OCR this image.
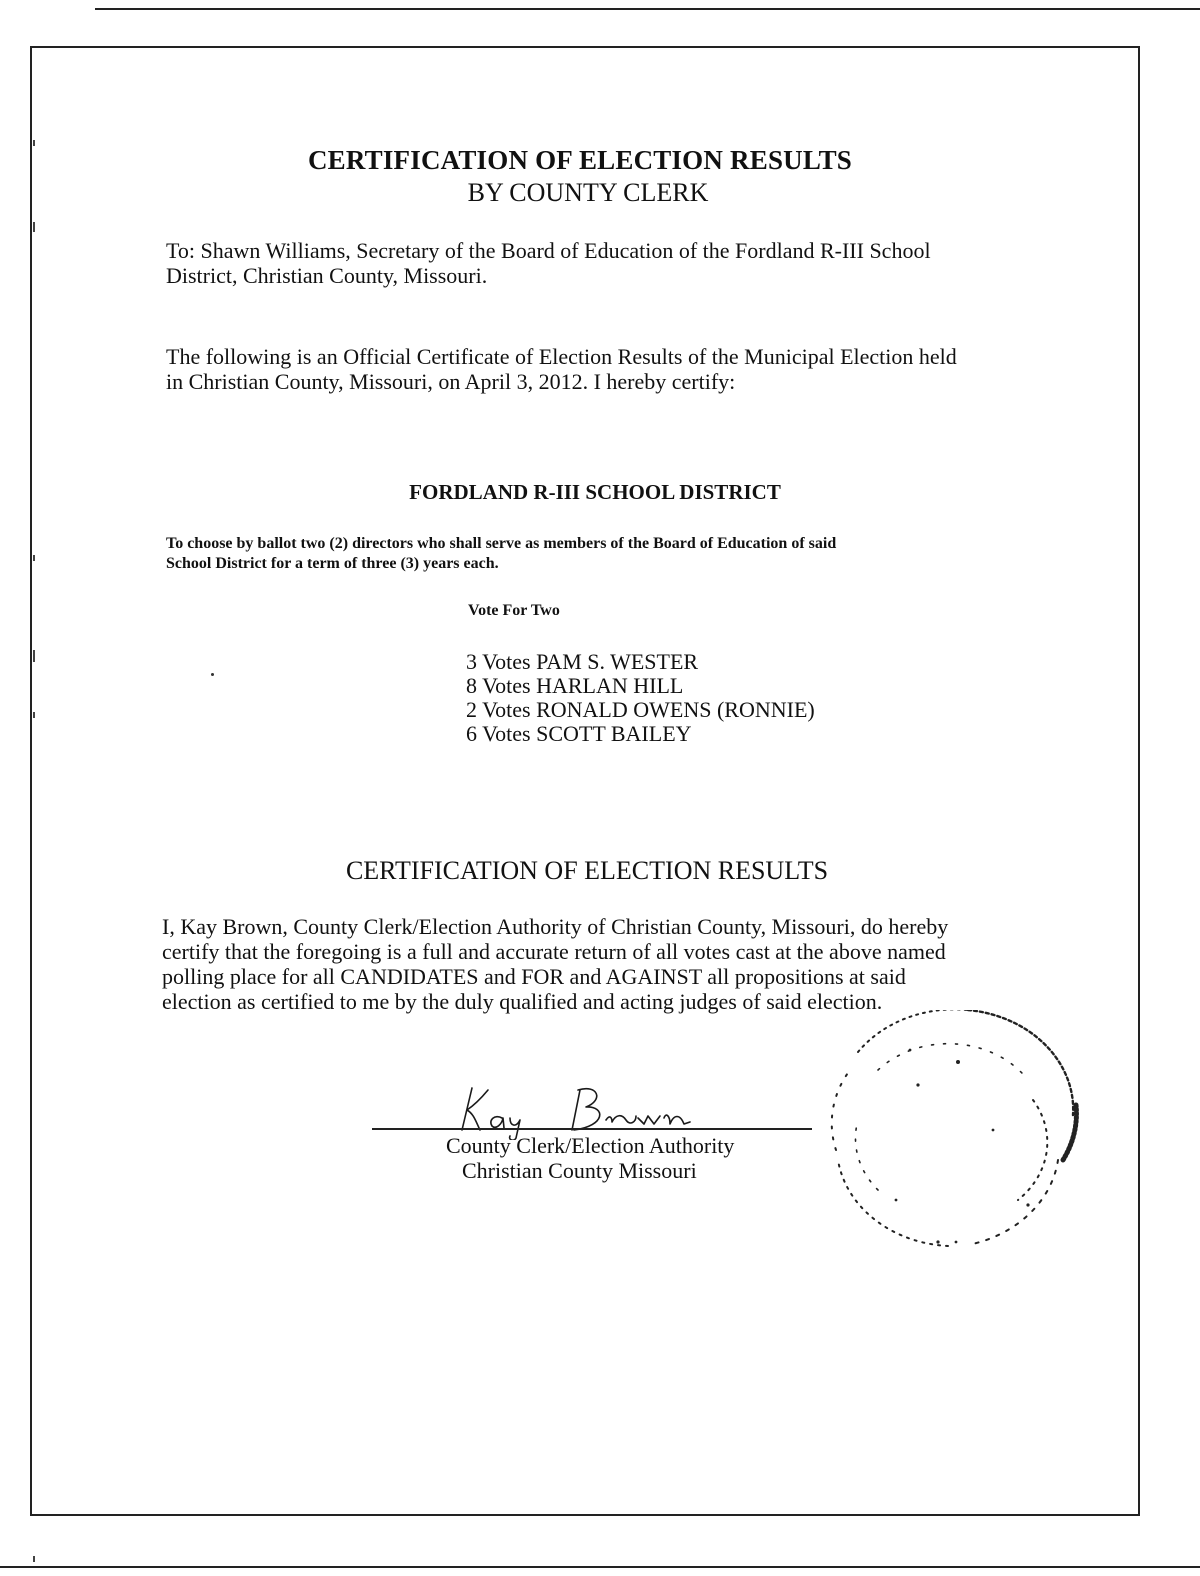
CERTIFICATION OF ELECTION RESULTS
BY COUNTY CLERK
To: Shawn Williams, Secretary of the Board of Education of the Fordland R-III School
District, Christian County, Missouri.
The following is an Official Certificate of Election Results of the Municipal Election held
in Christian County, Missouri, on April 3, 2012. I hereby certify:
FORDLAND R-III SCHOOL DISTRICT
To choose by ballot two (2) directors who shall serve as members of the Board of Education of said
School District for a term of three (3) years each.
Vote For Two
3 Votes PAM S. WESTER
8 Votes HARLAN HILL
2 Votes RONALD OWENS (RONNIE)
6 Votes SCOTT BAILEY
CERTIFICATION OF ELECTION RESULTS
I, Kay Brown, County Clerk/Election Authority of Christian County, Missouri, do hereby
certify that the foregoing is a full and accurate return of all votes cast at the above named
polling place for all CANDIDATES and FOR and AGAINST all propositions at said
election as certified to me by the duly qualified and acting judges of said election.
County Clerk/Election Authority
Christian County Missouri
